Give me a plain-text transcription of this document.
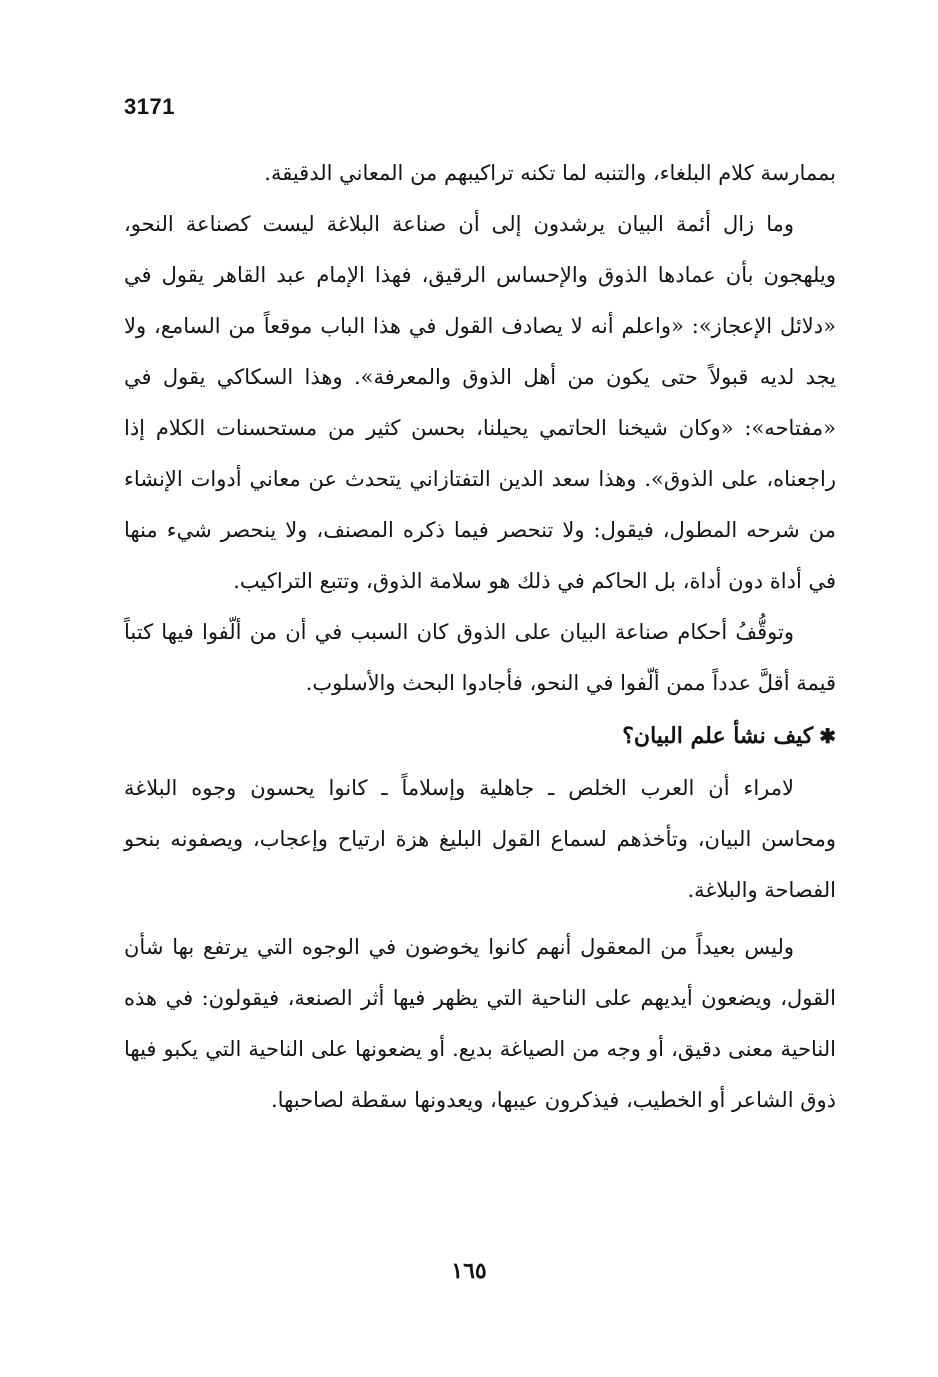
3171

بممارسة كلام البلغاء، والتنبه لما تكنه تراكيبهم من المعاني الدقيقة.

وما زال أئمة البيان يرشدون إلى أن صناعة البلاغة ليست كصناعة النحو، ويلهجون بأن عمادها الذوق والإحساس الرقيق، فهذا الإمام عبد القاهر يقول في «دلائل الإعجاز»: «واعلم أنه لا يصادف القول في هذا الباب موقعاً من السامع، ولا يجد لديه قبولاً حتى يكون من أهل الذوق والمعرفة». وهذا السكاكي يقول في «مفتاحه»: «وكان شيخنا الحاتمي يحيلنا، بحسن كثير من مستحسنات الكلام إذا راجعناه، على الذوق». وهذا سعد الدين التفتازاني يتحدث عن معاني أدوات الإنشاء من شرحه المطول، فيقول: ولا تنحصر فيما ذكره المصنف، ولا ينحصر شيء منها في أداة دون أداة، بل الحاكم في ذلك هو سلامة الذوق، وتتبع التراكيب.

وتوقُّفُ أحكام صناعة البيان على الذوق كان السبب في أن من ألّفوا فيها كتباً قيمة أقلَّ عدداً ممن ألّفوا في النحو، فأجادوا البحث والأسلوب.

✱كيف نشأ علم البيان؟

لامراء أن العرب الخلص ـ جاهلية وإسلاماً ـ كانوا يحسون وجوه البلاغة ومحاسن البيان، وتأخذهم لسماع القول البليغ هزة ارتياح وإعجاب، ويصفونه بنحو الفصاحة والبلاغة.

وليس بعيداً من المعقول أنهم كانوا يخوضون في الوجوه التي يرتفع بها شأن القول، ويضعون أيديهم على الناحية التي يظهر فيها أثر الصنعة، فيقولون: في هذه الناحية معنى دقيق، أو وجه من الصياغة بديع. أو يضعونها على الناحية التي يكبو فيها ذوق الشاعر أو الخطيب، فيذكرون عيبها، ويعدونها سقطة لصاحبها.

١٦٥
